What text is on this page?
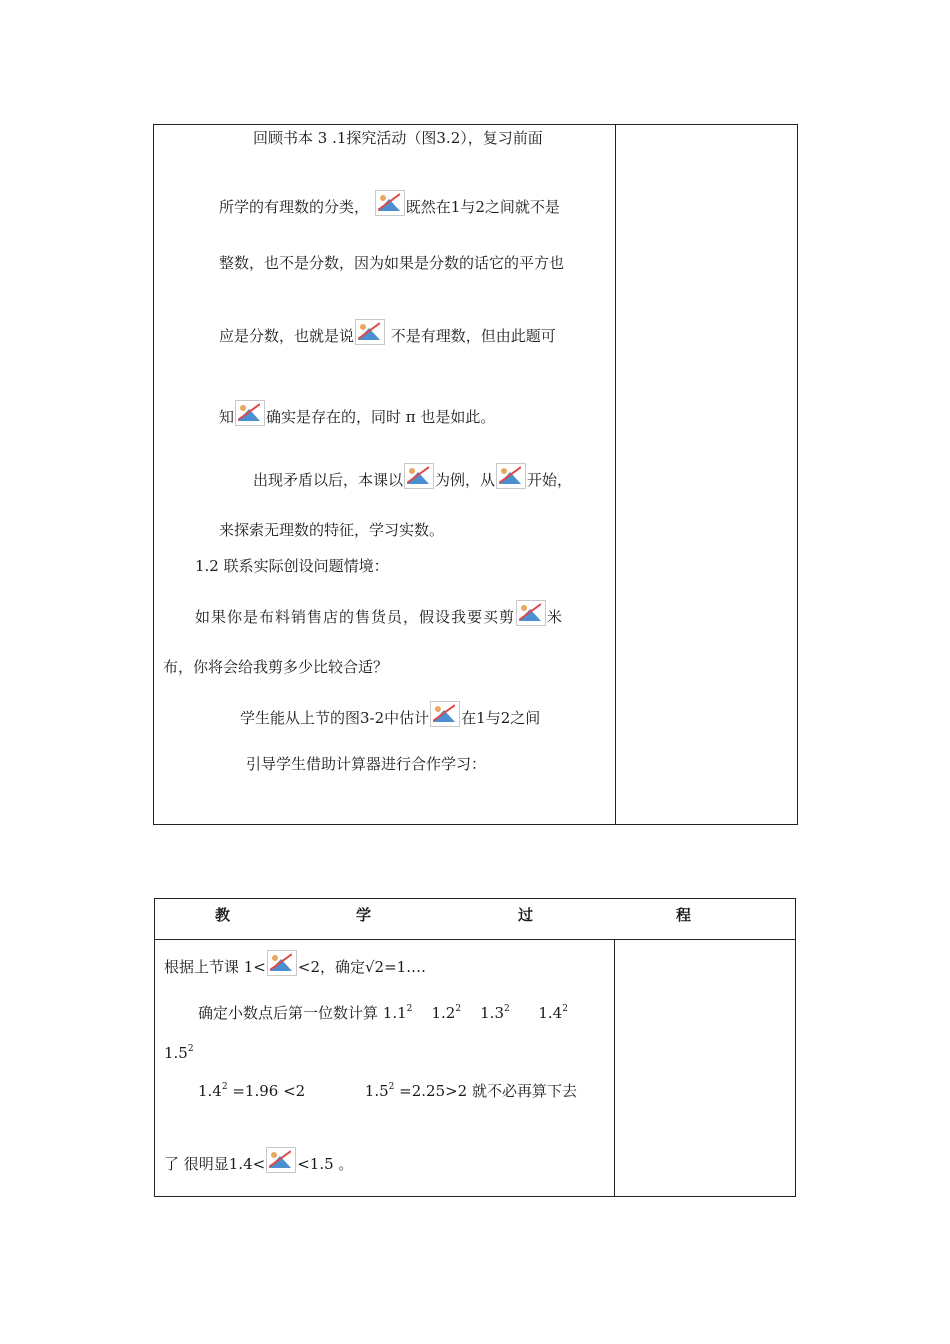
回顾书本 3 .1探究活动（图3.2），复习前面
所学的有理数的分类， 既然在1与2之间就不是
整数，也不是分数，因为如果是分数的话它的平方也
应是分数，也就是说
不是有理数，但由此题可
知 确实是存在的，同时 π 也是如此。
出现矛盾以后，本课以 为例，从 开始，
来探索无理数的特征，学习实数。
1.2 联系实际创设问题情境：
如果你是布料销售店的售货员，假设我要买剪 米
布，你将会给我剪多少比较合适？
学生能从上节的图3-2中估计 在1与2之间
引导学生借助计算器进行合作学习：
教	学	过	程
根据上节课 1< <2，确定√2=1.…
确定小数点后第一位数计算 $1.1^2$ $1.2^2$ $1.3^2$ $1.4^2$
$1.5^2$
$1.4^2 =1.96 <2$	$1.5^2 =2.25>2$ 就不必再算下去
了 很明显1.4< <1.5 。
